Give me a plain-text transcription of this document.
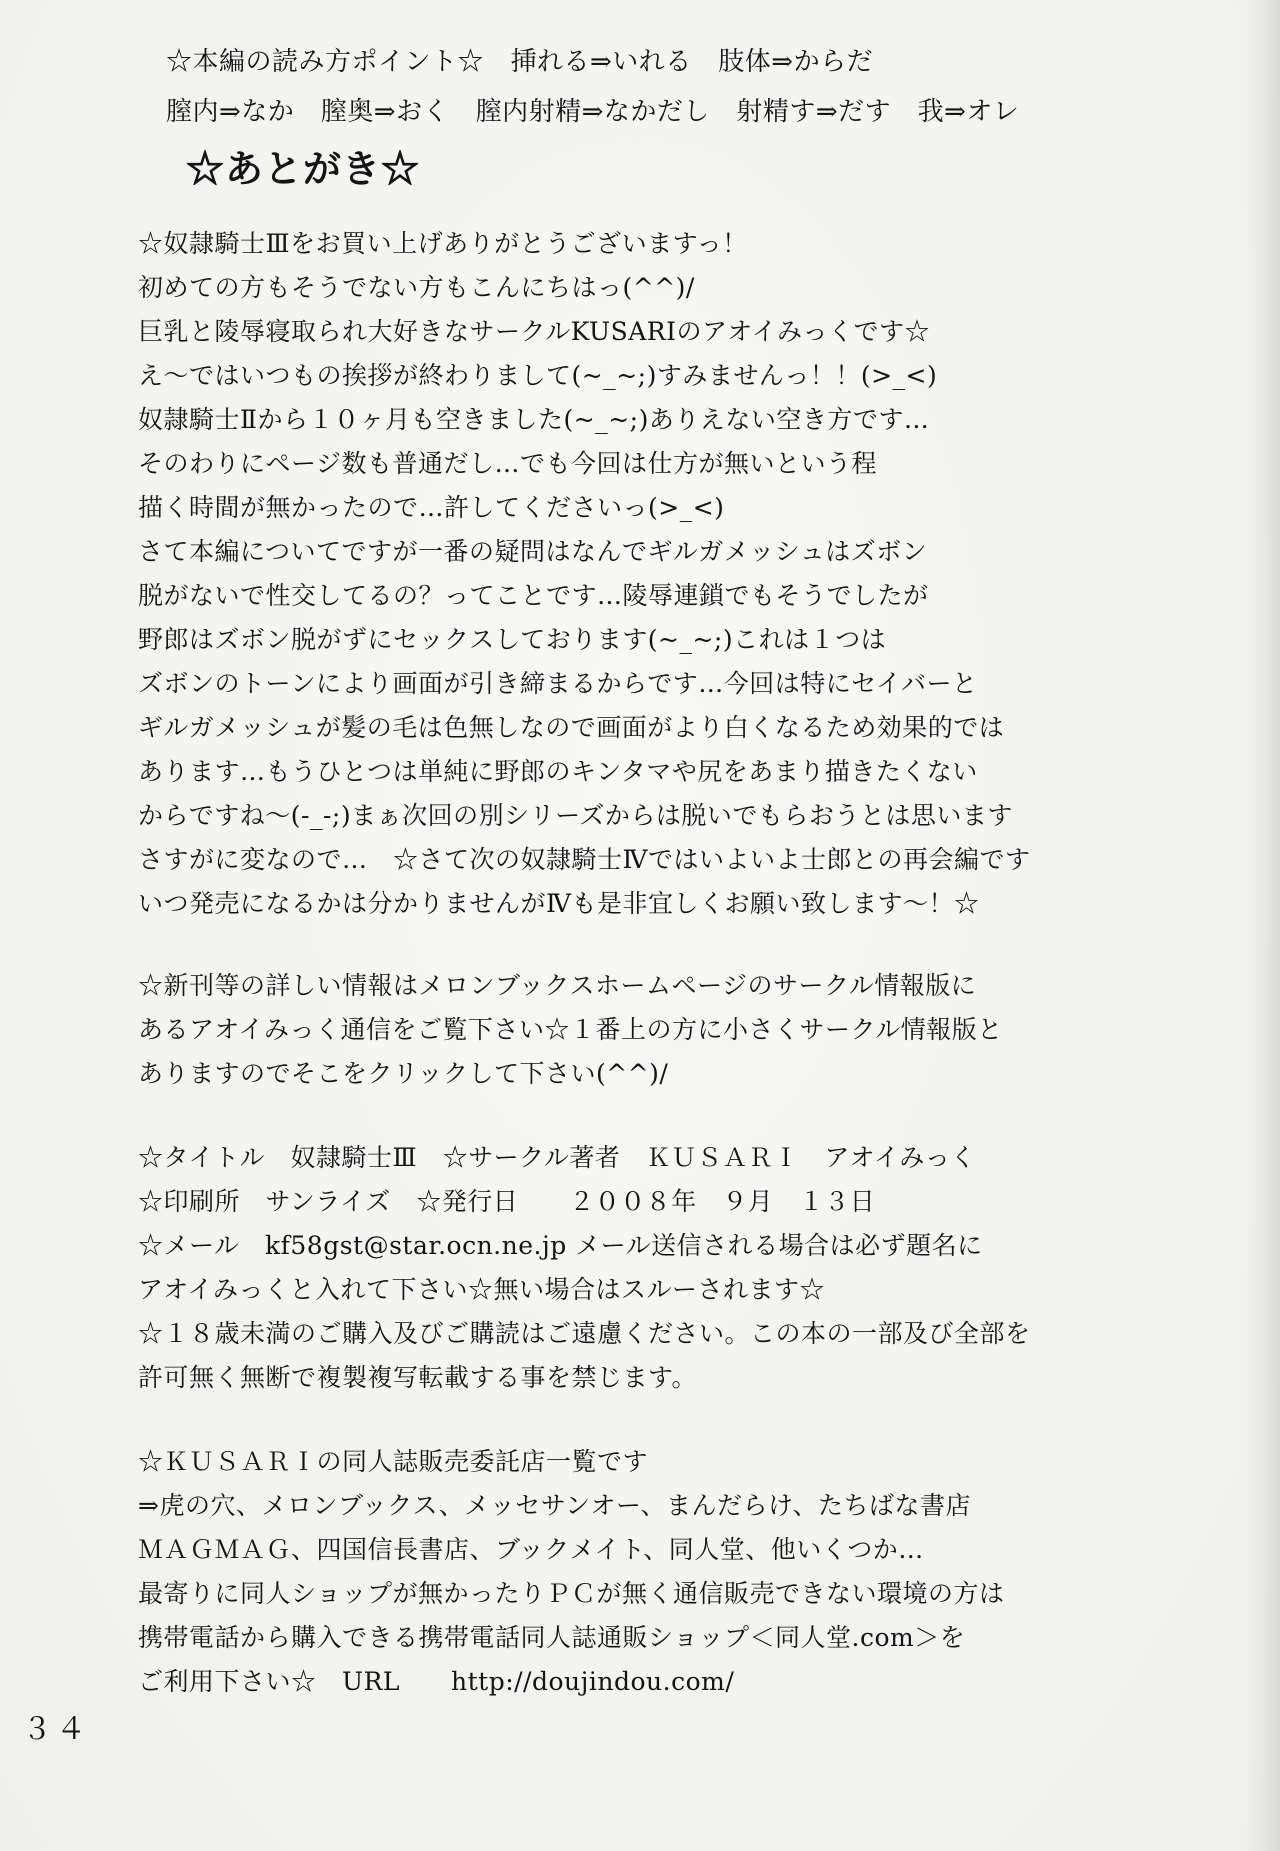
☆本編の読み方ポイント☆　挿れる⇒いれる　肢体⇒からだ
膣内⇒なか　膣奥⇒おく　膣内射精⇒なかだし　射精す⇒だす　我⇒オレ
☆あとがき☆
☆奴隷騎士Ⅲをお買い上げありがとうございますっ！
初めての方もそうでない方もこんにちはっ(^^)/
巨乳と陵辱寝取られ大好きなサークルKUSARIのアオイみっくです☆
え～ではいつもの挨拶が終わりまして(~_~;)すみませんっ！！(>_<)
奴隷騎士Ⅱから１０ヶ月も空きました(~_~;)ありえない空き方です…
そのわりにページ数も普通だし…でも今回は仕方が無いという程
描く時間が無かったので…許してくださいっ(>_<)
さて本編についてですが一番の疑問はなんでギルガメッシュはズボン
脱がないで性交してるの？ってことです…陵辱連鎖でもそうでしたが
野郎はズボン脱がずにセックスしております(~_~;)これは１つは
ズボンのトーンにより画面が引き締まるからです…今回は特にセイバーと
ギルガメッシュが髪の毛は色無しなので画面がより白くなるため効果的では
あります…もうひとつは単純に野郎のキンタマや尻をあまり描きたくない
からですね～(-_-;)まぁ次回の別シリーズからは脱いでもらおうとは思います
さすがに変なので…　☆さて次の奴隷騎士Ⅳではいよいよ士郎との再会編です
いつ発売になるかは分かりませんがⅣも是非宜しくお願い致します～！☆
☆新刊等の詳しい情報はメロンブックスホームページのサークル情報版に
あるアオイみっく通信をご覧下さい☆１番上の方に小さくサークル情報版と
ありますのでそこをクリックして下さい(^^)/
☆タイトル　奴隷騎士Ⅲ　☆サークル著者　ＫＵＳＡＲＩ　アオイみっく
☆印刷所　サンライズ　☆発行日　　２００８年　９月　１３日
☆メール　kf58gst@star.ocn.ne.jp メール送信される場合は必ず題名に
アオイみっくと入れて下さい☆無い場合はスルーされます☆
☆１８歳未満のご購入及びご購読はご遠慮ください。この本の一部及び全部を
許可無く無断で複製複写転載する事を禁じます。
☆ＫＵＳＡＲＩの同人誌販売委託店一覧です
⇒虎の穴、メロンブックス、メッセサンオー、まんだらけ、たちばな書店
ＭＡＧＭＡＧ、四国信長書店、ブックメイト、同人堂、他いくつか…
最寄りに同人ショップが無かったりＰＣが無く通信販売できない環境の方は
携帯電話から購入できる携帯電話同人誌通販ショップ＜同人堂.com＞を
ご利用下さい☆　URL　　http://doujindou.com/
３４
